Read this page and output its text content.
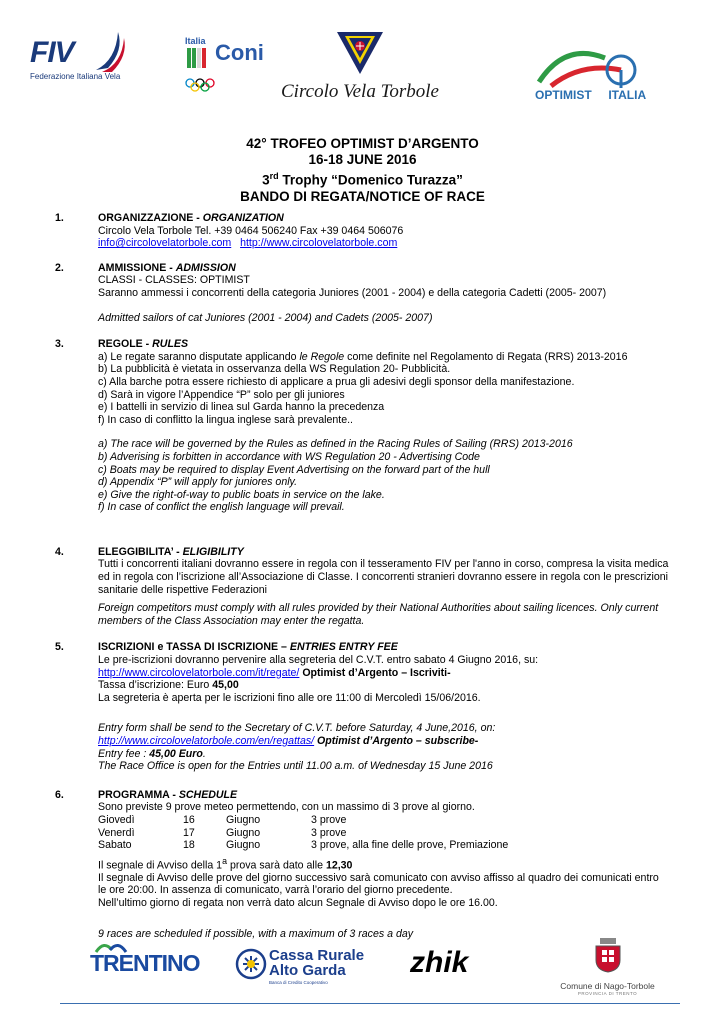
FIV
Federazione Italiana Vela
Italia Coni
Circolo Vela Torbole	OPTIMIST ITALIA
42° TROFEO OPTIMIST D’ARGENTO
16-18 JUNE 2016
3rd Trophy “Domenico Turazza”
BANDO DI REGATA/NOTICE OF RACE
1.	ORGANIZZAZIONE - ORGANIZATION
Circolo Vela Torbole Tel. +39 0464 506240 Fax +39 0464 506076
info@circolovelatorbole.com http://www.circolovelatorbole.com
2.	AMMISSIONE - ADMISSION
CLASSI - CLASSES: OPTIMIST
Saranno ammessi i concorrenti della categoria Juniores (2001 - 2004) e della categoria Cadetti (2005- 2007)
Admitted sailors of cat Juniores (2001 - 2004) and Cadets (2005- 2007)
3.	REGOLE - RULES
a) Le regate saranno disputate applicando le Regole come definite nel Regolamento di Regata (RRS) 2013-2016
b) La pubblicità è vietata in osservanza della WS Regulation 20- Pubblicità.
c) Alla barche potra essere richiesto di applicare a prua gli adesivi degli sponsor della manifestazione.
d) Sarà in vigore l’Appendice “P” solo per gli juniores
e) I battelli in servizio di linea sul Garda hanno la precedenza
f) In caso di conflitto la lingua inglese sarà prevalente..
a) The race will be governed by the Rules as defined in the Racing Rules of Sailing (RRS) 2013-2016
b) Adverising is forbitten in accordance with WS Regulation 20 - Advertising Code
c) Boats may be required to display Event Advertising on the forward part of the hull
d) Appendix “P” will apply for juniores only.
e) Give the right-of-way to public boats in service on the lake.
f) In case of conflict the english language will prevail.
4.	ELEGGIBILITA’ - ELIGIBILITY
Tutti i concorrenti italiani dovranno essere in regola con il tesseramento FIV per l'anno in corso, compresa la visita medica
ed in regola con l’iscrizione all’Associazione di Classe. I concorrenti stranieri dovranno essere in regola con le prescrizioni
sanitarie delle rispettive Federazioni
Foreign competitors must comply with all rules provided by their National Authorities about sailing licences. Only current
members of the Class Association may enter the regatta.
5.	ISCRIZIONI e TASSA DI ISCRIZIONE – ENTRIES ENTRY FEE
Le pre-iscrizioni dovranno pervenire alla segreteria del C.V.T. entro sabato 4 Giugno 2016, su:
http://www.circolovelatorbole.com/it/regate/ Optimist d’Argento – Iscriviti-
Tassa d’iscrizione: Euro 45,00
La segreteria è aperta per le iscrizioni fino alle ore 11:00 di Mercoledì 15/06/2016.
Entry form shall be send to the Secretary of C.V.T. before Saturday, 4 June,2016, on:
http://www.circolovelatorbole.com/en/regattas/ Optimist d’Argento – subscribe-
Entry fee : 45,00 Euro.
The Race Office is open for the Entries until 11.00 a.m. of Wednesday 15 June 2016
6.	PROGRAMMA - SCHEDULE
Sono previste 9 prove meteo permettendo, con un massimo di 3 prove al giorno.
Giovedì	16	Giugno	3 prove
Venerdì	17	Giugno	3 prove
Sabato	18	Giugno	3 prove, alla fine delle prove, Premiazione
Il segnale di Avviso della 1$^a$ prova sarà dato alle 12,30
Il segnale di Avviso delle prove del giorno successivo sarà comunicato con avviso affisso al quadro dei comunicati entro
le ore 20:00. In assenza di comunicato, varrà l’orario del giorno precedente.
Nell’ultimo giorno di regata non verrà dato alcun Segnale di Avviso dopo le ore 16.00.
9 races are scheduled if possible, with a maximum of 3 races a day
TRENTINO	Cassa Rurale
Alto Garda
Banca di Credito Cooperativo
zhik
Comune di Nago-Torbole
PROVINCIA DI TRENTO
